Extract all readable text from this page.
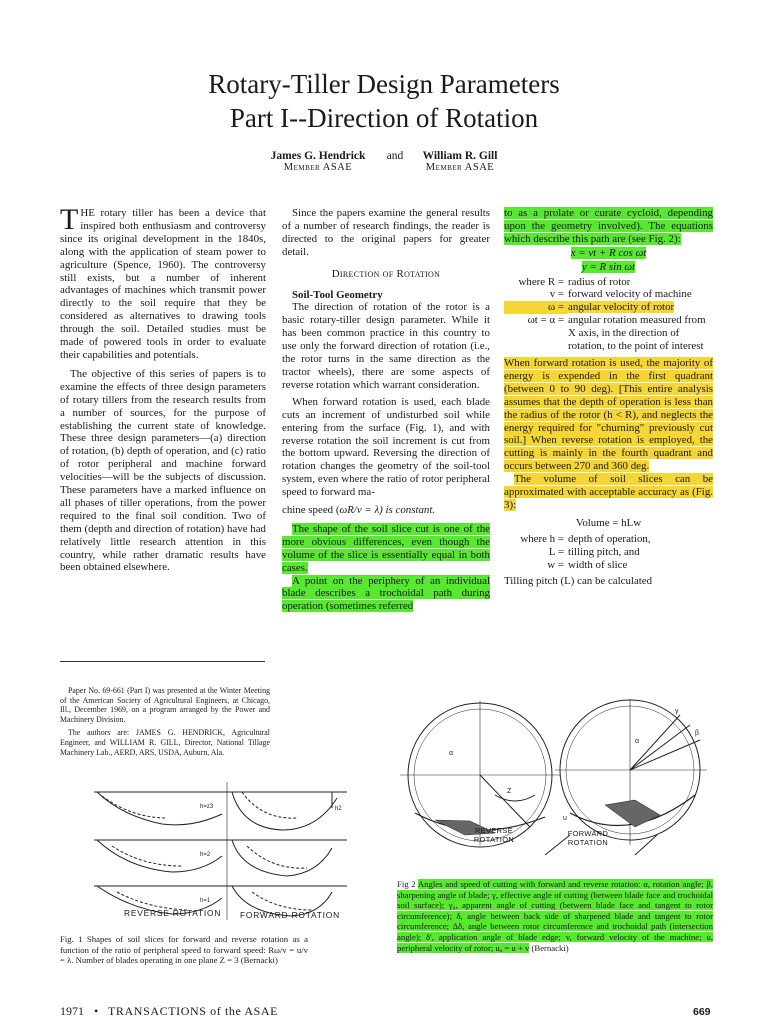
Rotary-Tiller Design Parameters
Part I--Direction of Rotation
James G. Hendrick
Member ASAE
and	William R. Gill
Member ASAE

THE rotary tiller has been a device that inspired both enthusiasm and controversy since its original development in the 1840s, along with the application of steam power to agriculture (Spence, 1960). The controversy still exists, but a number of inherent advantages of machines which transmit power directly to the soil require that they be considered as alternatives to drawing tools through the soil. Detailed studies must be made of powered tools in order to evaluate their capabilities and potentials.

The objective of this series of papers is to examine the effects of three design parameters of rotary tillers from the research results from a number of sources, for the purpose of establishing the current state of knowledge. These three design parameters—(a) direction of rotation, (b) depth of operation, and (c) ratio of rotor peripheral and machine forward velocities—will be the subjects of discussion. These parameters have a marked influence on all phases of tiller operations, from the power required to the final soil condition. Two of them (depth and direction of rotation) have had relatively little research attention in this country, while rather dramatic results have been obtained elsewhere.

Paper No. 69-661 (Part I) was presented at the Winter Meeting of the American Society of Agricultural Engineers, at Chicago, Ill., December 1969, on a program arranged by the Power and Machinery Division.

The authors are: JAMES G. HENDRICK, Agricultural Engineer, and WILLIAM R. GILL, Director, National Tillage Machinery Lab., AERD, ARS, USDA, Auburn, Ala.

Since the papers examine the general results of a number of research findings, the reader is directed to the original papers for greater detail.

Direction of Rotation

Soil-Tool Geometry

The direction of rotation of the rotor is a basic rotary-tiller design parameter. While it has been common practice in this country to use only the forward direction of rotation (i.e., the rotor turns in the same direction as the tractor wheels), there are some aspects of reverse rotation which warrant consideration.

When forward rotation is used, each blade cuts an increment of undisturbed soil while entering from the surface (Fig. 1), and with reverse rotation the soil increment is cut from the bottom upward. Reversing the direction of rotation changes the geometry of the soil-tool system, even where the ratio of rotor peripheral speed to forward ma-

chine speed (ωR/v = λ) is constant.

The shape of the soil slice cut is one of the more obvious differences, even though the volume of the slice is essentially equal in both cases.

A point on the periphery of an individual blade describes a trochoidal path during operation (sometimes referred

to as a prolate or curate cycloid, depending upon the geometry involved). The equations which describe this path are (see Fig. 2):

x = vt + R cos ωt
y = R sin ωt
where R = radius of rotor
v = forward velocity of machine
ω = angular velocity of rotor
ωt = α = angular rotation measured from X axis, in the direction of rotation, to the point of interest

When forward rotation is used, the majority of energy is expended in the first quadrant (between 0 to 90 deg). [This entire analysis assumes that the depth of operation is less than the radius of the rotor (h < R), and neglects the energy required for "churning" previously cut soil.] When reverse rotation is employed, the cutting is mainly in the fourth quadrant and occurs between 270 and 360 deg.

The volume of soil slices can be approximated with acceptable accuracy as (Fig. 3):

Volume = hLw
where h = depth of operation,
L = tilling pitch, and
w = width of slice

Tilling pitch (L) can be calculated

h=z3
h=2
h=1
h2
REVERSE ROTATION FORWARD ROTATION
Fig. 1 Shapes of soil slices for forward and reverse rotation as a function of the ratio of peripheral speed to forward speed: Rω/v = u/v = λ. Number of blades operating in one plane Z = 3 (Bernacki)
α
Z
α
γ
β
u
REVERSE ROTATION
FORWARD ROTATION
Fig 2 Angles and speed of cutting with forward and reverse rotation: α, rotation angle; β, sharpening angle of blade; γ, effective angle of cutting (between blade face and trochoidal soil surface); γ₀, apparent angle of cutting (between blade face and tangent to rotor circumference); δ, angle between back side of sharpened blade and tangent to rotor circumference; Δδ, angle between rotor circumference and trochoidal path (intersection angle); δ', application angle of blade edge; v, forward velocity of the machine; u, peripheral velocity of rotor; uₐ = u + v (Bernacki)
1971 • TRANSACTIONS of the ASAE	669
